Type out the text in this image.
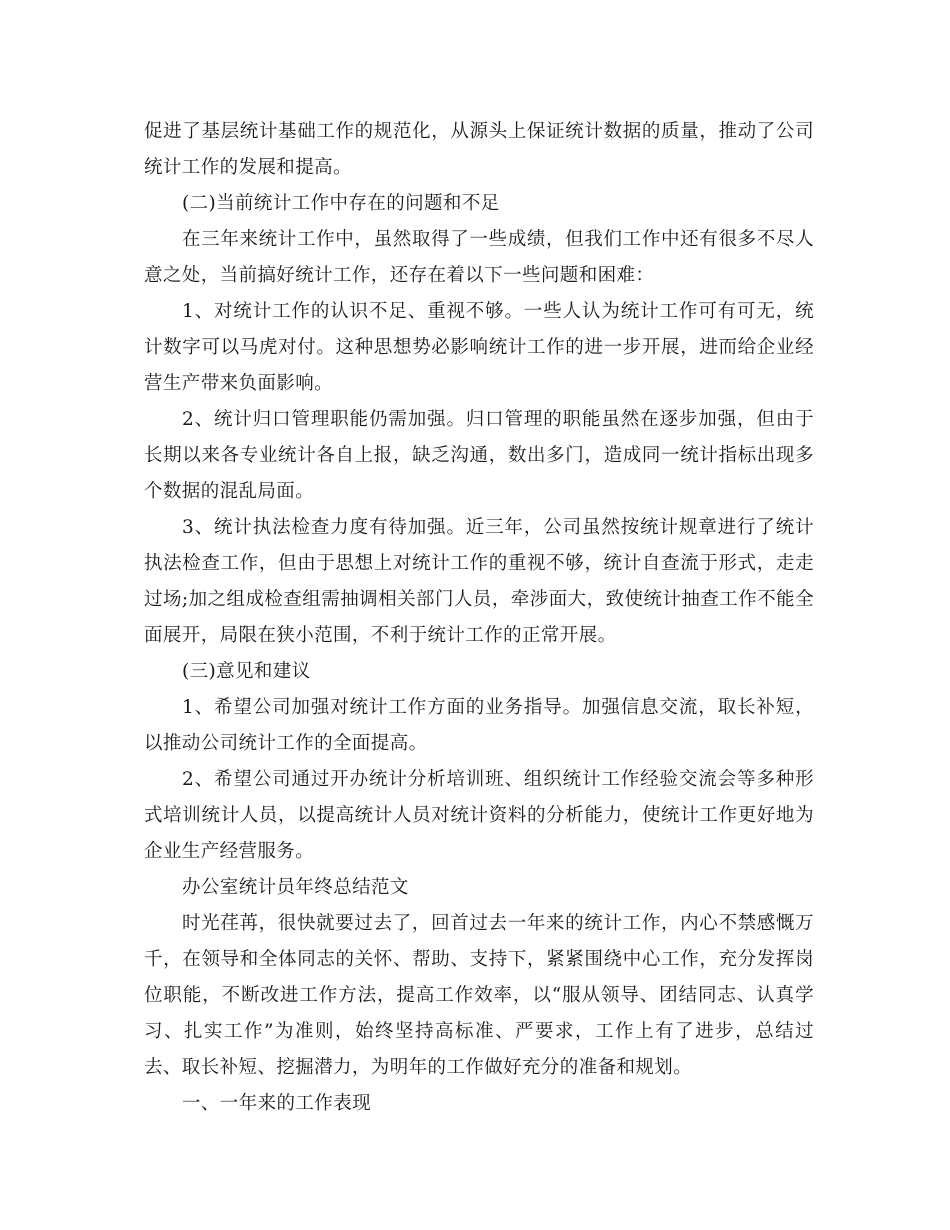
促进了基层统计基础工作的规范化，从源头上保证统计数据的质量，推动了公司统计工作的发展和提高。

(二)当前统计工作中存在的问题和不足

在三年来统计工作中，虽然取得了一些成绩，但我们工作中还有很多不尽人意之处，当前搞好统计工作，还存在着以下一些问题和困难：

1、对统计工作的认识不足、重视不够。一些人认为统计工作可有可无，统计数字可以马虎对付。这种思想势必影响统计工作的进一步开展，进而给企业经营生产带来负面影响。

2、统计归口管理职能仍需加强。归口管理的职能虽然在逐步加强，但由于长期以来各专业统计各自上报，缺乏沟通，数出多门，造成同一统计指标出现多个数据的混乱局面。

3、统计执法检查力度有待加强。近三年，公司虽然按统计规章进行了统计执法检查工作，但由于思想上对统计工作的重视不够，统计自查流于形式，走走过场;加之组成检查组需抽调相关部门人员，牵涉面大，致使统计抽查工作不能全面展开，局限在狭小范围，不利于统计工作的正常开展。

(三)意见和建议

1、希望公司加强对统计工作方面的业务指导。加强信息交流，取长补短，以推动公司统计工作的全面提高。

2、希望公司通过开办统计分析培训班、组织统计工作经验交流会等多种形式培训统计人员，以提高统计人员对统计资料的分析能力，使统计工作更好地为企业生产经营服务。

办公室统计员年终总结范文

时光荏苒，很快就要过去了，回首过去一年来的统计工作，内心不禁感慨万千，在领导和全体同志的关怀、帮助、支持下，紧紧围绕中心工作，充分发挥岗位职能，不断改进工作方法，提高工作效率，以“服从领导、团结同志、认真学习、扎实工作”为准则，始终坚持高标准、严要求，工作上有了进步，总结过去、取长补短、挖掘潜力，为明年的工作做好充分的准备和规划。

一、一年来的工作表现
